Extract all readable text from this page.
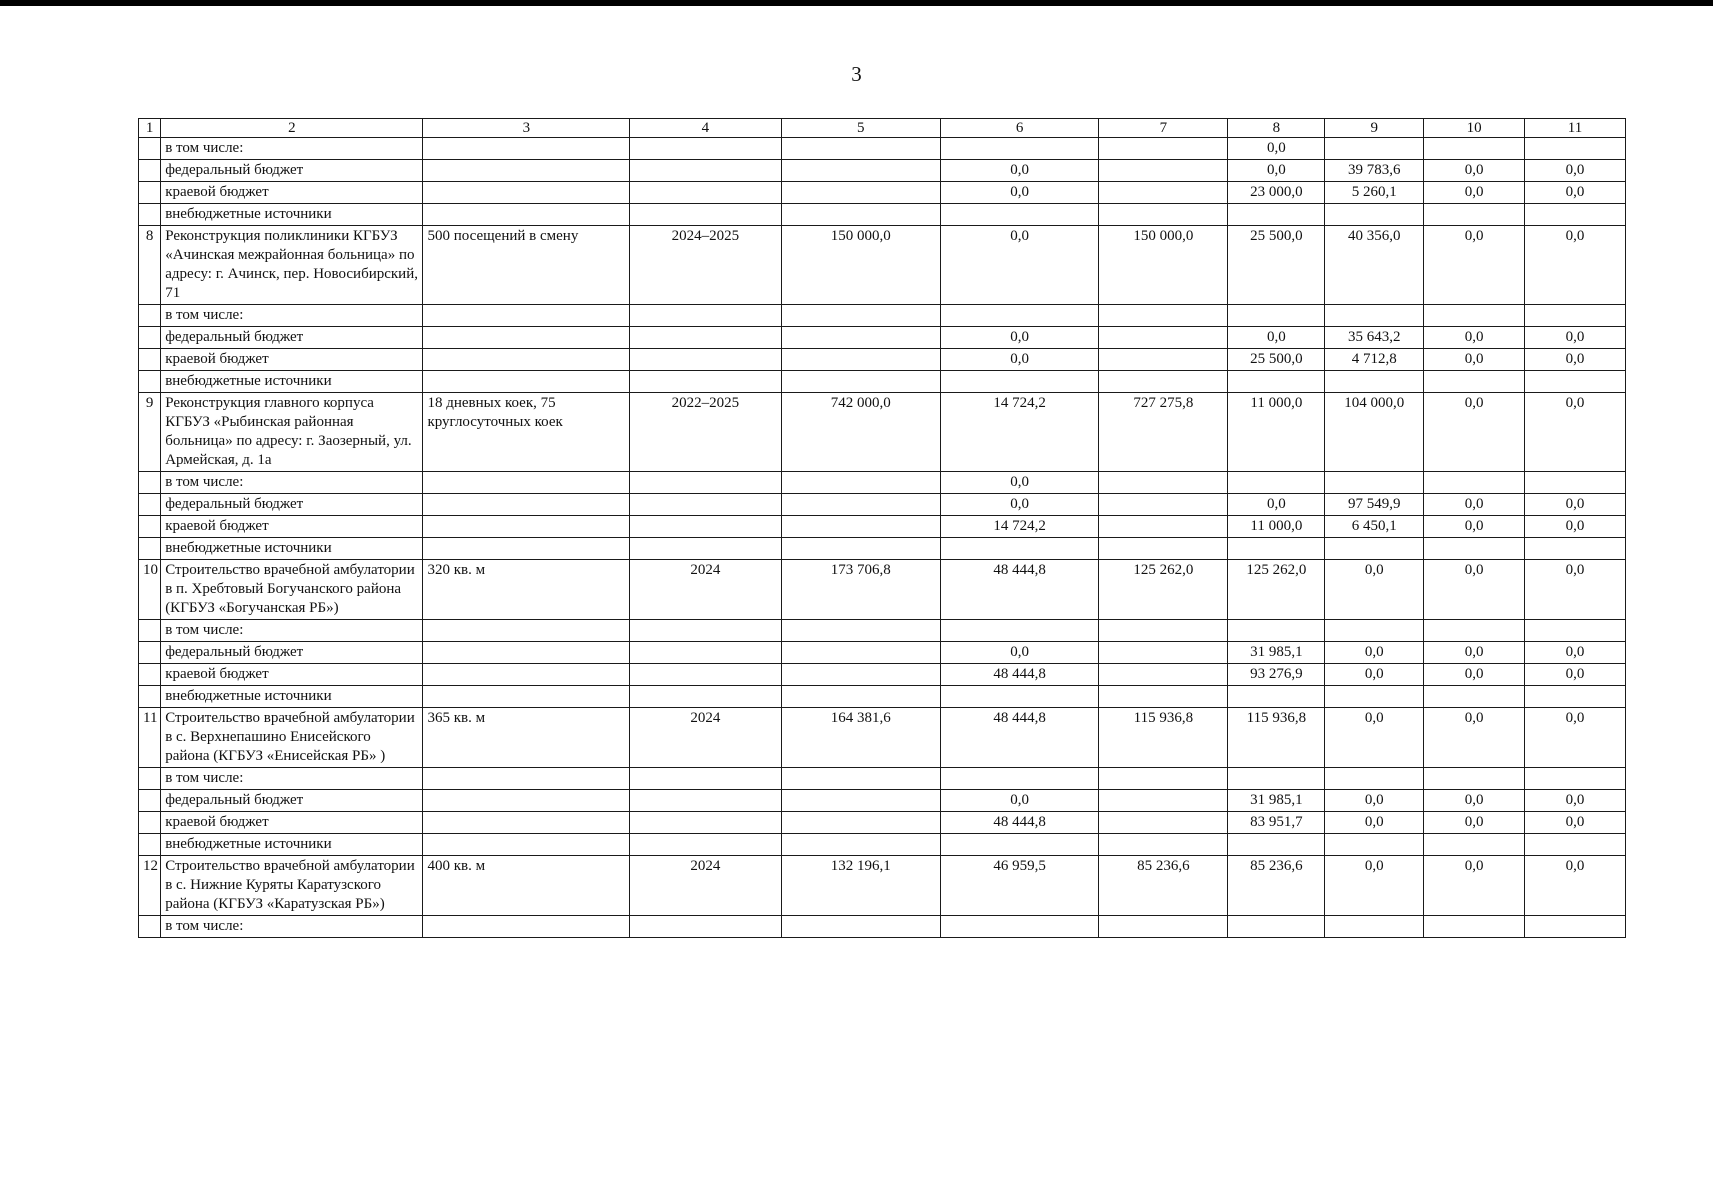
3
1	2	3	4	5	6	7	8	9	10	11
	в том числе:						0,0			
	федеральный бюджет				0,0		0,0	39 783,6	0,0	0,0
	краевой бюджет				0,0		23 000,0	5 260,1	0,0	0,0
	внебюджетные источники									
8	Реконструкция поликлиники КГБУЗ «Ачинская межрайонная больница» по адресу: г. Ачинск, пер. Новосибирский, 71	500 посещений в смену	2024–2025	150 000,0	0,0	150 000,0	25 500,0	40 356,0	0,0	0,0
	в том числе:									
	федеральный бюджет				0,0		0,0	35 643,2	0,0	0,0
	краевой бюджет				0,0		25 500,0	4 712,8	0,0	0,0
	внебюджетные источники									
9	Реконструкция главного корпуса КГБУЗ «Рыбинская районная больница» по адресу: г. Заозерный, ул. Армейская, д. 1а	18 дневных коек, 75 круглосуточных коек	2022–2025	742 000,0	14 724,2	727 275,8	11 000,0	104 000,0	0,0	0,0
	в том числе:				0,0					
	федеральный бюджет				0,0		0,0	97 549,9	0,0	0,0
	краевой бюджет				14 724,2		11 000,0	6 450,1	0,0	0,0
	внебюджетные источники									
10	Строительство врачебной амбулатории в п. Хребтовый Богучанского района (КГБУЗ «Богучанская РБ»)	320 кв. м	2024	173 706,8	48 444,8	125 262,0	125 262,0	0,0	0,0	0,0
	в том числе:									
	федеральный бюджет				0,0		31 985,1	0,0	0,0	0,0
	краевой бюджет				48 444,8		93 276,9	0,0	0,0	0,0
	внебюджетные источники									
11	Строительство врачебной амбулатории в с. Верхнепашино Енисейского района (КГБУЗ «Енисейская РБ» )	365 кв. м	2024	164 381,6	48 444,8	115 936,8	115 936,8	0,0	0,0	0,0
	в том числе:									
	федеральный бюджет				0,0		31 985,1	0,0	0,0	0,0
	краевой бюджет				48 444,8		83 951,7	0,0	0,0	0,0
	внебюджетные источники									
12	Строительство врачебной амбулатории в с. Нижние Куряты Каратузского района (КГБУЗ «Каратузская РБ»)	400 кв. м	2024	132 196,1	46 959,5	85 236,6	85 236,6	0,0	0,0	0,0
	в том числе:									
